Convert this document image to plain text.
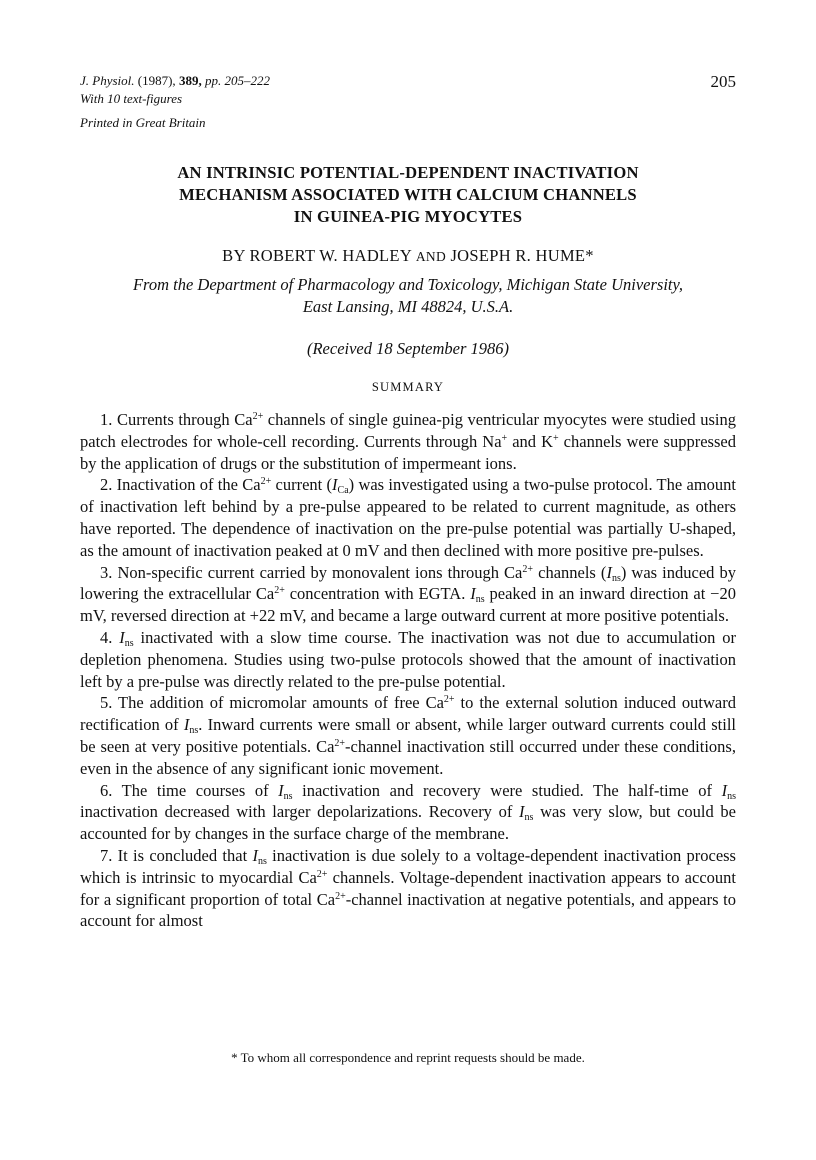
J. Physiol. (1987), 389, pp. 205–222
With 10 text-figures
Printed in Great Britain
205
AN INTRINSIC POTENTIAL-DEPENDENT INACTIVATION
MECHANISM ASSOCIATED WITH CALCIUM CHANNELS
IN GUINEA-PIG MYOCYTES
BY ROBERT W. HADLEY AND JOSEPH R. HUME*
From the Department of Pharmacology and Toxicology, Michigan State University,
East Lansing, MI 48824, U.S.A.
(Received 18 September 1986)
SUMMARY

1. Currents through $Ca^{2+}$ channels of single guinea-pig ventricular myocytes were studied using patch electrodes for whole-cell recording. Currents through Na+ and K+ channels were suppressed by the application of drugs or the substitution of impermeant ions.

2. Inactivation of the $Ca^{2+}$ current $(I_{Ca})$ was investigated using a two-pulse protocol. The amount of inactivation left behind by a pre-pulse appeared to be related to current magnitude, as others have reported. The dependence of inactivation on the pre-pulse potential was partially U-shaped, as the amount of inactivation peaked at 0 mV and then declined with more positive pre-pulses.

3. Non-specific current carried by monovalent ions through $Ca^{2+}$ channels $(I_{ns})$ was induced by lowering the extracellular $Ca^{2+}$ concentration with EGTA. $I_{ns}$ peaked in an inward direction at −20 mV, reversed direction at +22 mV, and became a large outward current at more positive potentials.

4. $I_{ns}$ inactivated with a slow time course. The inactivation was not due to accumulation or depletion phenomena. Studies using two-pulse protocols showed that the amount of inactivation left by a pre-pulse was directly related to the pre-pulse potential.

5. The addition of micromolar amounts of free $Ca^{2+}$ to the external solution induced outward rectification of $I_{ns}$. Inward currents were small or absent, while larger outward currents could still be seen at very positive potentials. $Ca^{2+}$-channel inactivation still occurred under these conditions, even in the absence of any significant ionic movement.

6. The time courses of $I_{ns}$ inactivation and recovery were studied. The half-time of $I_{ns}$ inactivation decreased with larger depolarizations. Recovery of $I_{ns}$ was very slow, but could be accounted for by changes in the surface charge of the membrane.

7. It is concluded that $I_{ns}$ inactivation is due solely to a voltage-dependent inactivation process which is intrinsic to myocardial $Ca^{2+}$ channels. Voltage-dependent inactivation appears to account for a significant proportion of total $Ca^{2+}$-channel inactivation at negative potentials, and appears to account for almost

* To whom all correspondence and reprint requests should be made.
